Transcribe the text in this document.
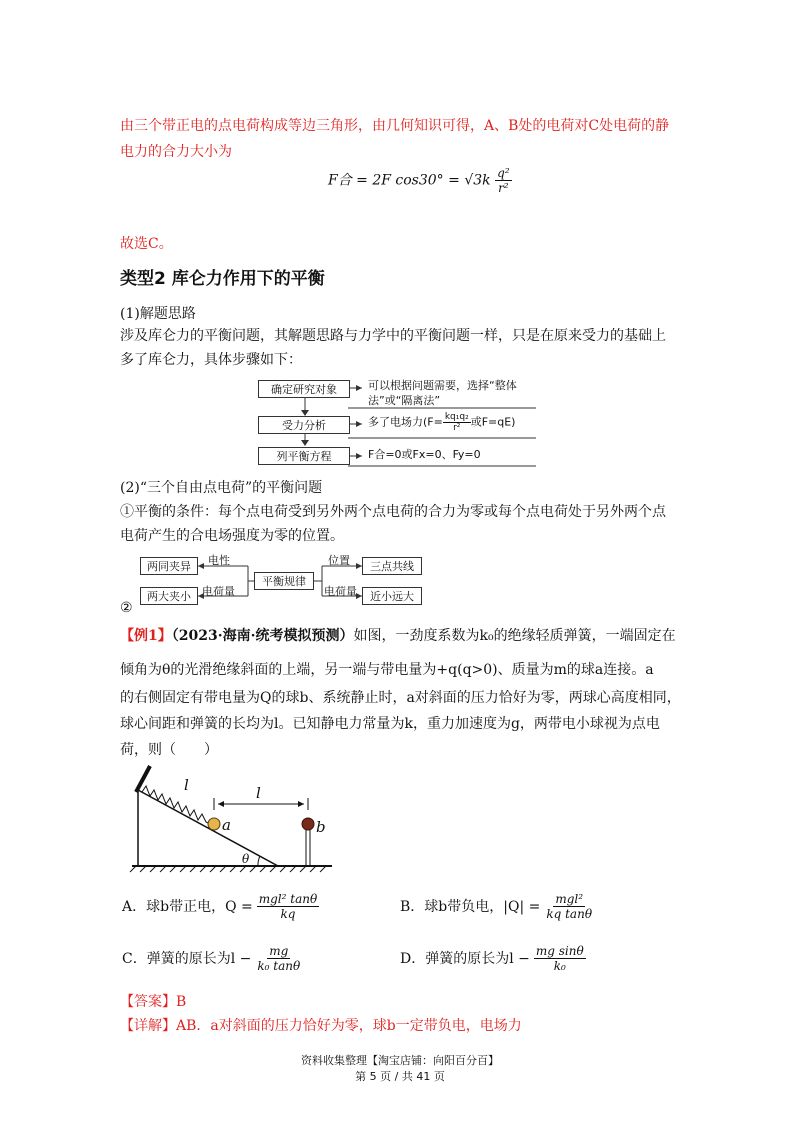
由三个带正电的点电荷构成等边三角形，由几何知识可得，A、B处的电荷对C处电荷的静
电力的合力大小为
F合 = 2F $\cos 30^\circ = √3k \frac{\text{q²}}{\text{r²}}$
故选C。
类型2 库仑力作用下的平衡
(1)解题思路
涉及库仑力的平衡问题，其解题思路与力学中的平衡问题一样，只是在原来受力的基础上
多了库仑力，具体步骤如下：
确定研究对象
受力分析
列平衡方程
可以根据问题需要，选择“整体
法”或“隔离法”
多了电场力($F= \frac{\text{kq₁q₂}}{\text{r²}}$ 或F=qE)
F合=0或Fx=0、Fy=0
(2)“三个自由点电荷”的平衡问题
①平衡的条件：每个点电荷受到另外两个点电荷的合力为零或每个点电荷处于另外两个点
电荷产生的合电场强度为零的位置。
两同夹异
两大夹小
平衡规律
三点共线
近小远大
电性
电荷量
位置
电荷量
②
【例1】（2023·海南·统考模拟预测）如图，一劲度系数为k₀的绝缘轻质弹簧，一端固定在
倾角为θ的光滑绝缘斜面的上端，另一端与带电量为+q(q>0)、质量为m的球a连接。a
的右侧固定有带电量为Q的球b、系统静止时，a对斜面的压力恰好为零，两球心高度相同，
球心间距和弹簧的长均为l。已知静电力常量为k，重力加速度为g，两带电小球视为点电
荷，则（　　）
l	l
a	b
θ
A．球b带正电，$Q = \frac{\text{mgl² tanθ}}{kq}$	B．球b带负电，$|Q| = \frac{\text{mgl²}}{\text{kq tanθ}}$
C．弹簧的原长为$l - \frac{mg}{\text{k₀ tanθ}}$	D．弹簧的原长为$l - \frac{\text{mg sinθ}}{\text{k₀}}$
【答案】B
【详解】AB．a对斜面的压力恰好为零，球b一定带负电，电场力
资料收集整理【淘宝店铺：向阳百分百】
第 5 页 / 共 41 页
